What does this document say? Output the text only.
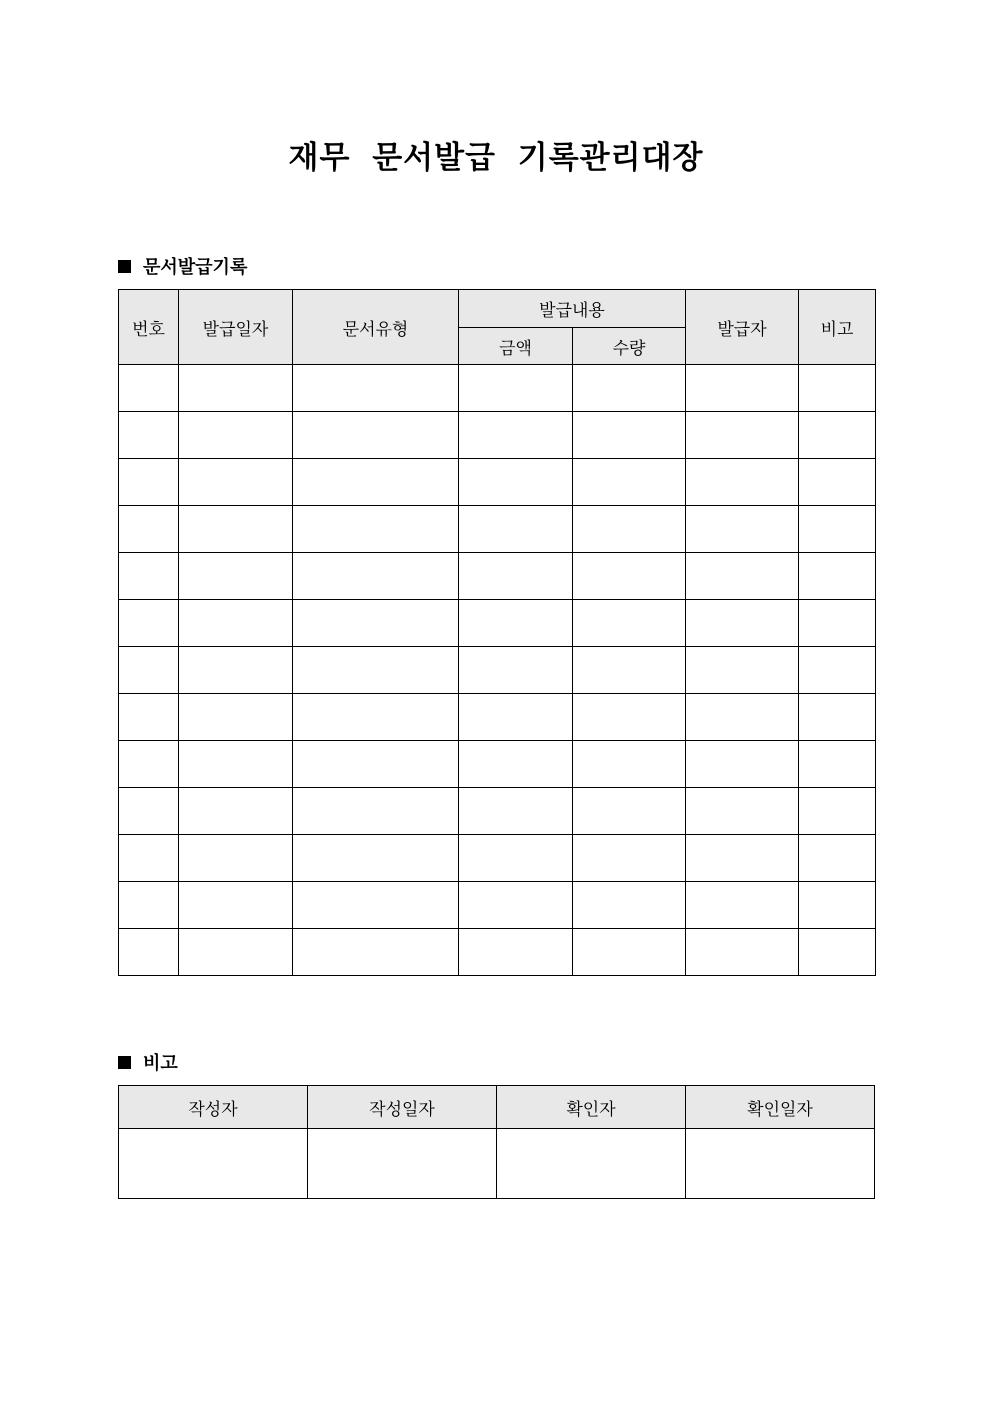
재무 문서발급 기록관리대장
문서발급기록
번호	발급일자	문서유형	발급내용		발급자	비고
			금액	수량		

비고
작성자	작성일자	확인자	확인일자
